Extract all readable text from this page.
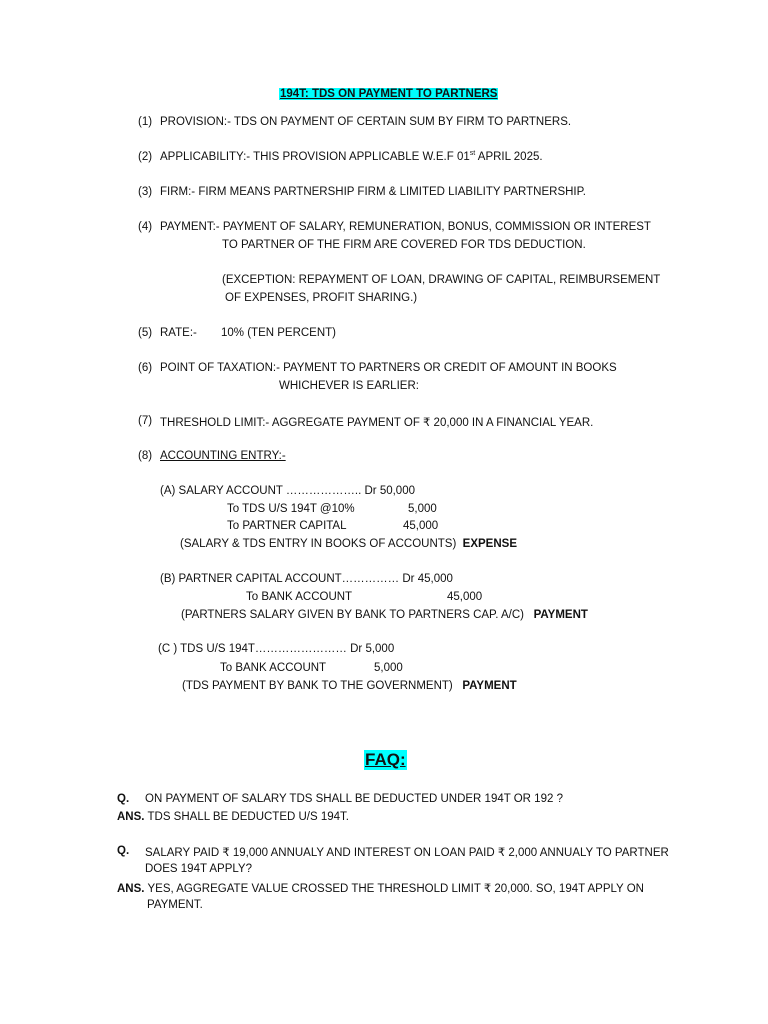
194T: TDS ON PAYMENT TO PARTNERS
(1) PROVISION:- TDS ON PAYMENT OF CERTAIN SUM BY FIRM TO PARTNERS.
(2) APPLICABILITY:- THIS PROVISION APPLICABLE W.E.F 01st APRIL 2025.
(3) FIRM:- FIRM MEANS PARTNERSHIP FIRM & LIMITED LIABILITY PARTNERSHIP.
(4) PAYMENT:- PAYMENT OF SALARY, REMUNERATION, BONUS, COMMISSION OR INTEREST
TO PARTNER OF THE FIRM ARE COVERED FOR TDS DEDUCTION.
(EXCEPTION: REPAYMENT OF LOAN, DRAWING OF CAPITAL, REIMBURSEMENT
OF EXPENSES, PROFIT SHARING.)
(5) RATE:- 10% (TEN PERCENT)
(6) POINT OF TAXATION:- PAYMENT TO PARTNERS OR CREDIT OF AMOUNT IN BOOKS
WHICHEVER IS EARLIER:
(7) THRESHOLD LIMIT:- AGGREGATE PAYMENT OF ₹ 20,000 IN A FINANCIAL YEAR.
(8) ACCOUNTING ENTRY:-
(A) SALARY ACCOUNT ……………….. Dr 50,000
To TDS U/S 194T @10%	5,000
To PARTNER CAPITAL	45,000
(SALARY & TDS ENTRY IN BOOKS OF ACCOUNTS) EXPENSE
(B) PARTNER CAPITAL ACCOUNT…………… Dr 45,000
To BANK ACCOUNT	45,000
(PARTNERS SALARY GIVEN BY BANK TO PARTNERS CAP. A/C) PAYMENT
(C ) TDS U/S 194T…………………… Dr 5,000
To BANK ACCOUNT	5,000
(TDS PAYMENT BY BANK TO THE GOVERNMENT) PAYMENT
FAQ:
Q. ON PAYMENT OF SALARY TDS SHALL BE DEDUCTED UNDER 194T OR 192 ?
ANS. TDS SHALL BE DEDUCTED U/S 194T.
Q. SALARY PAID ₹ 19,000 ANNUALY AND INTEREST ON LOAN PAID ₹ 2,000 ANNUALY TO PARTNER
DOES 194T APPLY?
ANS. YES, AGGREGATE VALUE CROSSED THE THRESHOLD LIMIT ₹ 20,000. SO, 194T APPLY ON
PAYMENT.
